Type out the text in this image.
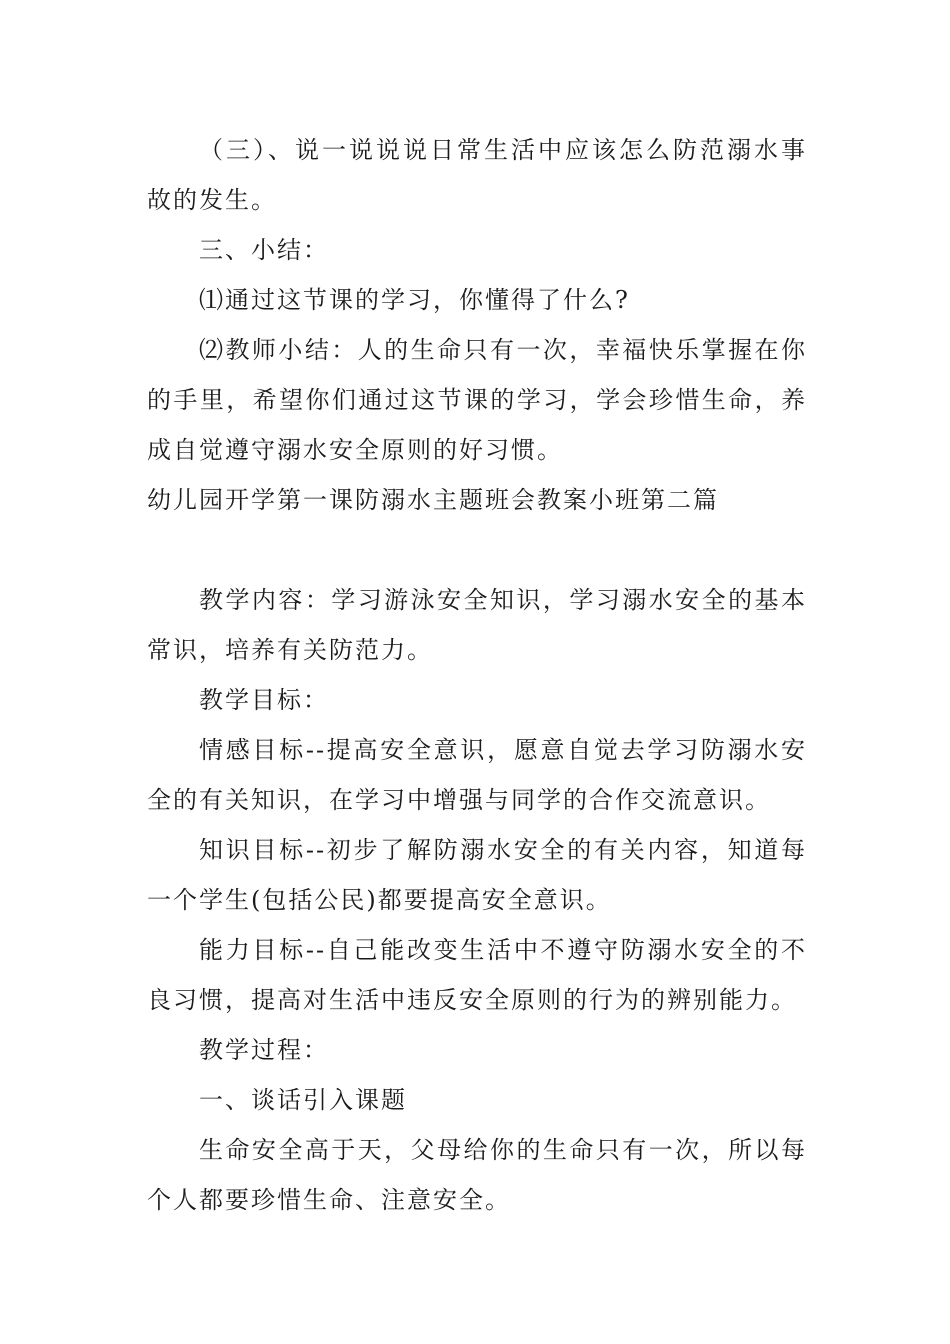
（三）、说一说说说日常生活中应该怎么防范溺水事故的发生。

三、小结：

⑴通过这节课的学习，你懂得了什么?

⑵教师小结：人的生命只有一次，幸福快乐掌握在你的手里，希望你们通过这节课的学习，学会珍惜生命，养成自觉遵守溺水安全原则的好习惯。

幼儿园开学第一课防溺水主题班会教案小班第二篇

教学内容：学习游泳安全知识，学习溺水安全的基本常识，培养有关防范力。

教学目标：

情感目标--提高安全意识，愿意自觉去学习防溺水安全的有关知识，在学习中增强与同学的合作交流意识。

知识目标--初步了解防溺水安全的有关内容，知道每一个学生(包括公民)都要提高安全意识。

能力目标--自己能改变生活中不遵守防溺水安全的不良习惯，提高对生活中违反安全原则的行为的辨别能力。

教学过程：

一、谈话引入课题

生命安全高于天，父母给你的生命只有一次，所以每个人都要珍惜生命、注意安全。
